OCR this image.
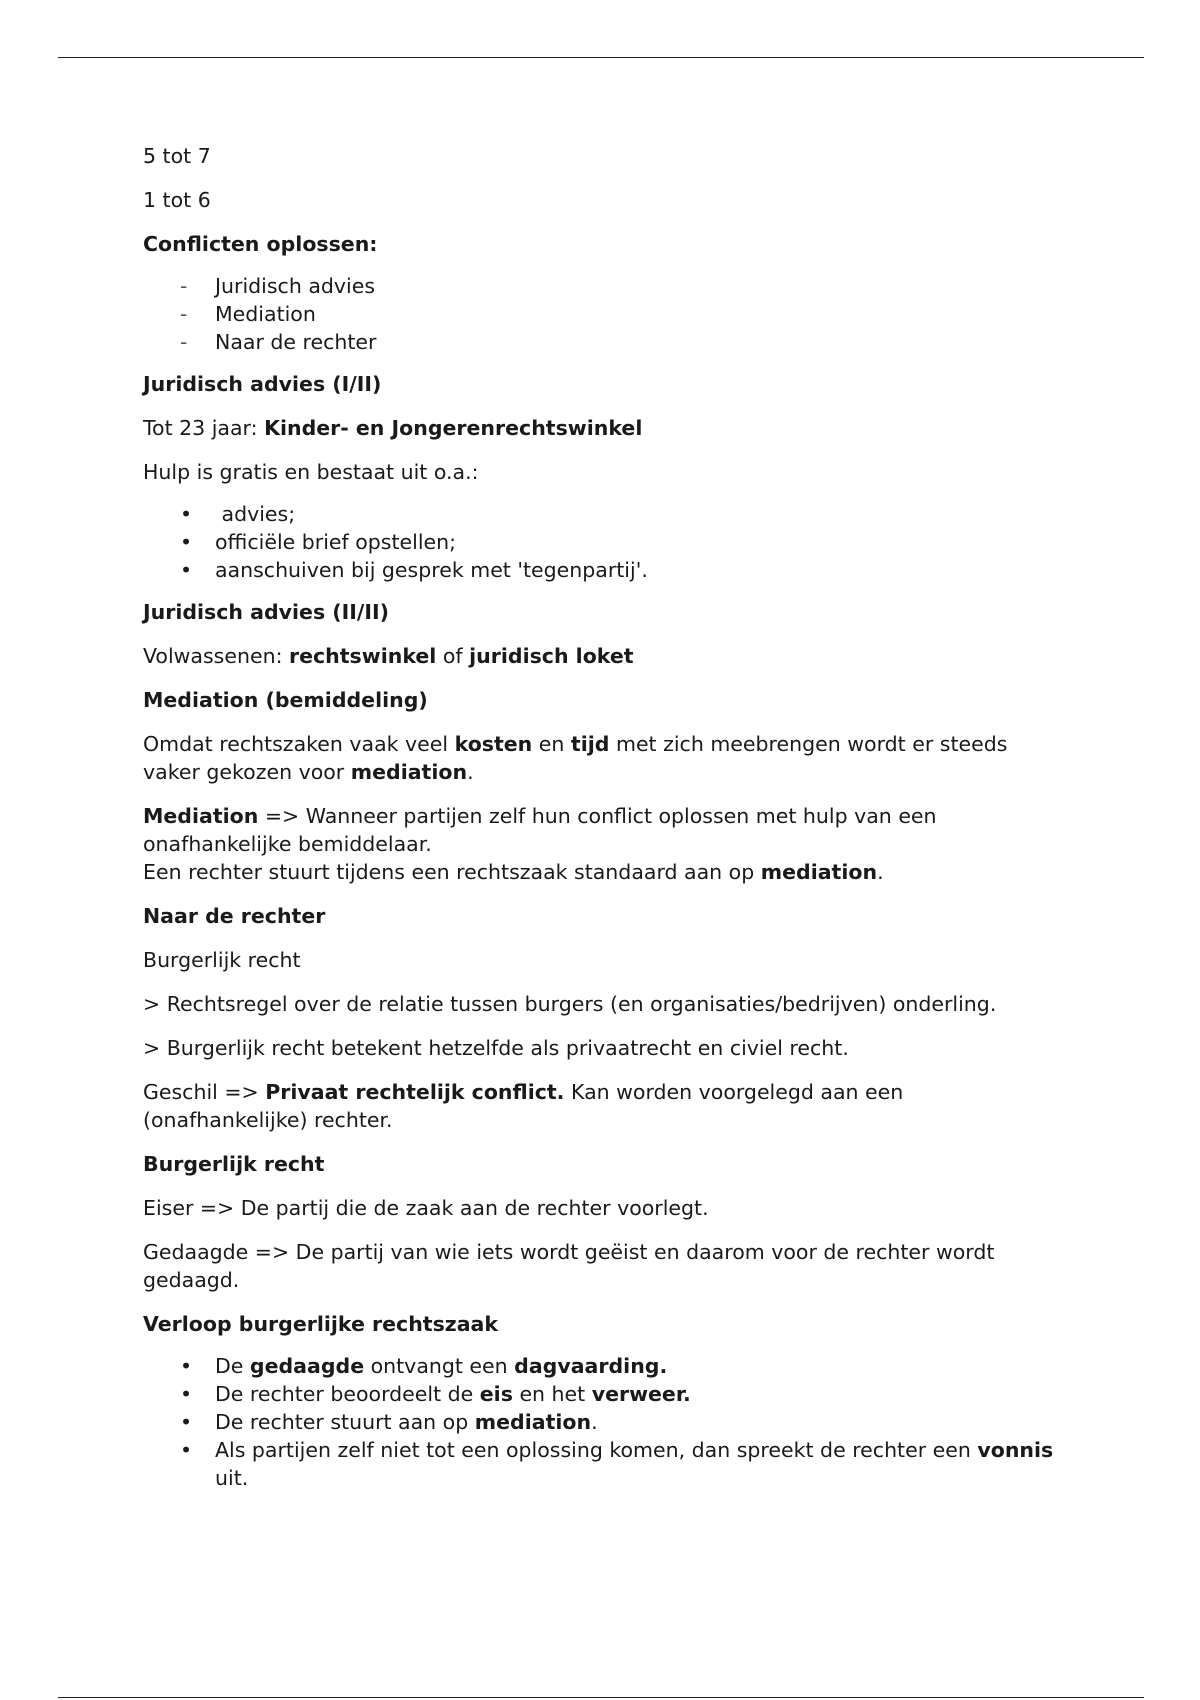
5 tot 7

1 tot 6

Conflicten oplossen:
- Juridisch advies
- Mediation
- Naar de rechter
Juridisch advies (I/II)

Tot 23 jaar: Kinder- en Jongerenrechtswinkel

Hulp is gratis en bestaat uit o.a.:

• advies;
• officiële brief opstellen;
• aanschuiven bij gesprek met 'tegenpartij'.
Juridisch advies (II/II)

Volwassenen: rechtswinkel of juridisch loket

Mediation (bemiddeling)

Omdat rechtszaken vaak veel kosten en tijd met zich meebrengen wordt er steeds vaker gekozen voor mediation.

Mediation => Wanneer partijen zelf hun conflict oplossen met hulp van een onafhankelijke bemiddelaar.
Een rechter stuurt tijdens een rechtszaak standaard aan op mediation.

Naar de rechter

Burgerlijk recht

> Rechtsregel over de relatie tussen burgers (en organisaties/bedrijven) onderling.

> Burgerlijk recht betekent hetzelfde als privaatrecht en civiel recht.

Geschil => Privaat rechtelijk conflict. Kan worden voorgelegd aan een (onafhankelijke) rechter.

Burgerlijk recht

Eiser => De partij die de zaak aan de rechter voorlegt.

Gedaagde => De partij van wie iets wordt geëist en daarom voor de rechter wordt gedaagd.

Verloop burgerlijke rechtszaak
• De gedaagde ontvangt een dagvaarding.
• De rechter beoordeelt de eis en het verweer.
• De rechter stuurt aan op mediation.
• Als partijen zelf niet tot een oplossing komen, dan spreekt de rechter een vonnis uit.
